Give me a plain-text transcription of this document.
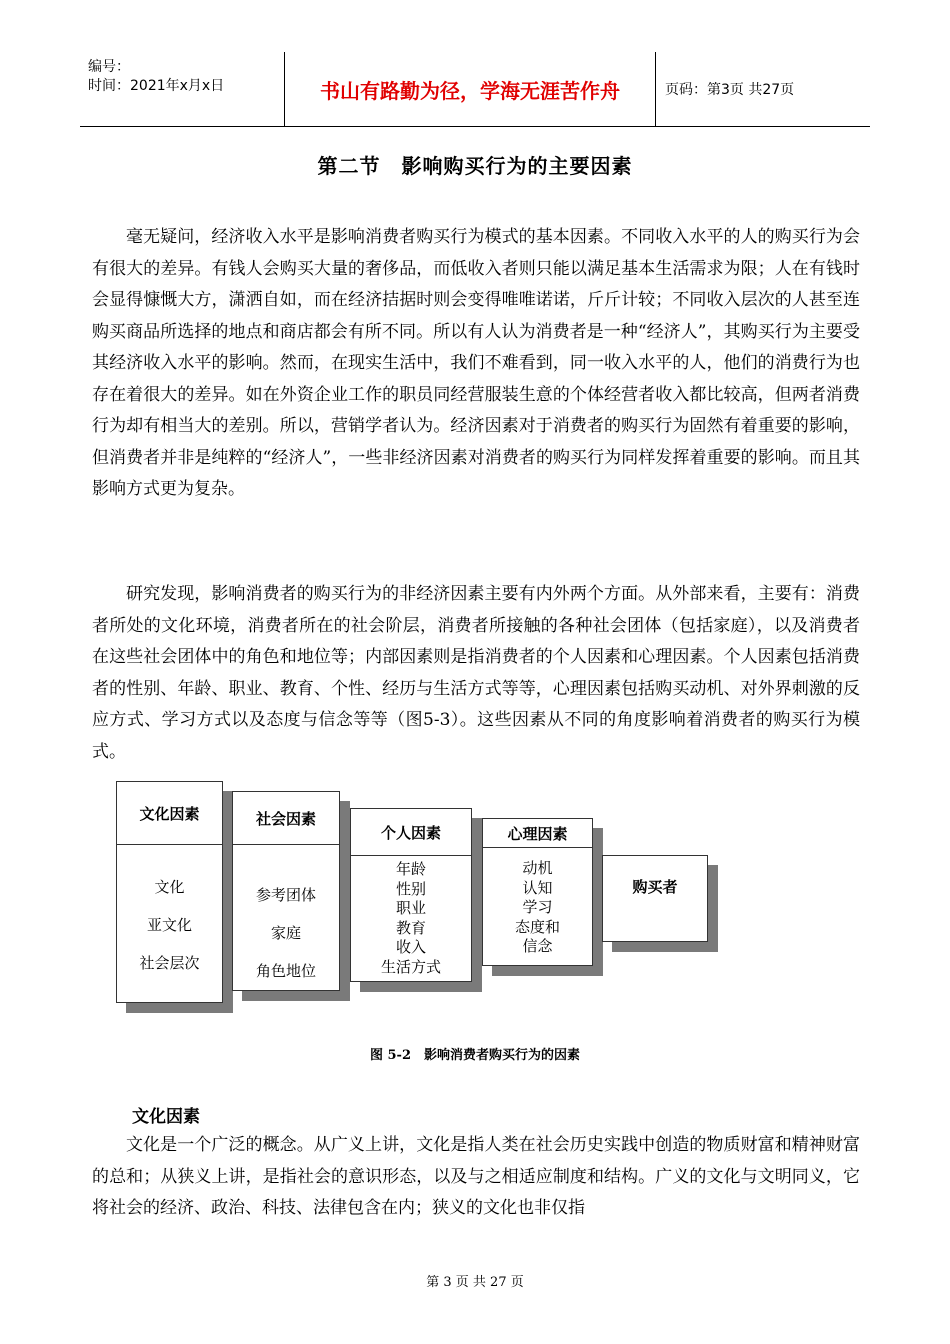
编号：
时间：2021年x月x日	书山有路勤为径，学海无涯苦作舟	页码：第3页 共27页
第二节　影响购买行为的主要因素

毫无疑问，经济收入水平是影响消费者购买行为模式的基本因素。不同收入水平的人的购买行为会有很大的差异。有钱人会购买大量的奢侈品，而低收入者则只能以满足基本生活需求为限；人在有钱时会显得慷慨大方，潇洒自如，而在经济拮据时则会变得唯唯诺诺，斤斤计较；不同收入层次的人甚至连购买商品所选择的地点和商店都会有所不同。所以有人认为消费者是一种“经济人”，其购买行为主要受其经济收入水平的影响。然而，在现实生活中，我们不难看到，同一收入水平的人，他们的消费行为也存在着很大的差异。如在外资企业工作的职员同经营服装生意的个体经营者收入都比较高，但两者消费行为却有相当大的差别。所以，营销学者认为。经济因素对于消费者的购买行为固然有着重要的影响，但消费者并非是纯粹的“经济人”，一些非经济因素对消费者的购买行为同样发挥着重要的影响。而且其影响方式更为复杂。

研究发现，影响消费者的购买行为的非经济因素主要有内外两个方面。从外部来看，主要有：消费者所处的文化环境，消费者所在的社会阶层，消费者所接触的各种社会团体（包括家庭），以及消费者在这些社会团体中的角色和地位等；内部因素则是指消费者的个人因素和心理因素。个人因素包括消费者的性别、年龄、职业、教育、个性、经历与生活方式等等，心理因素包括购买动机、对外界刺激的反应方式、学习方式以及态度与信念等等（图5-3）。这些因素从不同的角度影响着消费者的购买行为模式。

文化因素
文化
亚文化
社会层次
社会因素
参考团体
家庭
角色地位
个人因素
年龄
性别
职业
教育
收入
生活方式
心理因素
动机
认知
学习
态度和
信念
购买者
图 5-2　影响消费者购买行为的因素
文化因素

文化是一个广泛的概念。从广义上讲，文化是指人类在社会历史实践中创造的物质财富和精神财富的总和；从狭义上讲，是指社会的意识形态，以及与之相适应制度和结构。广义的文化与文明同义，它将社会的经济、政治、科技、法律包含在内；狭义的文化也非仅指

第 3 页 共 27 页
